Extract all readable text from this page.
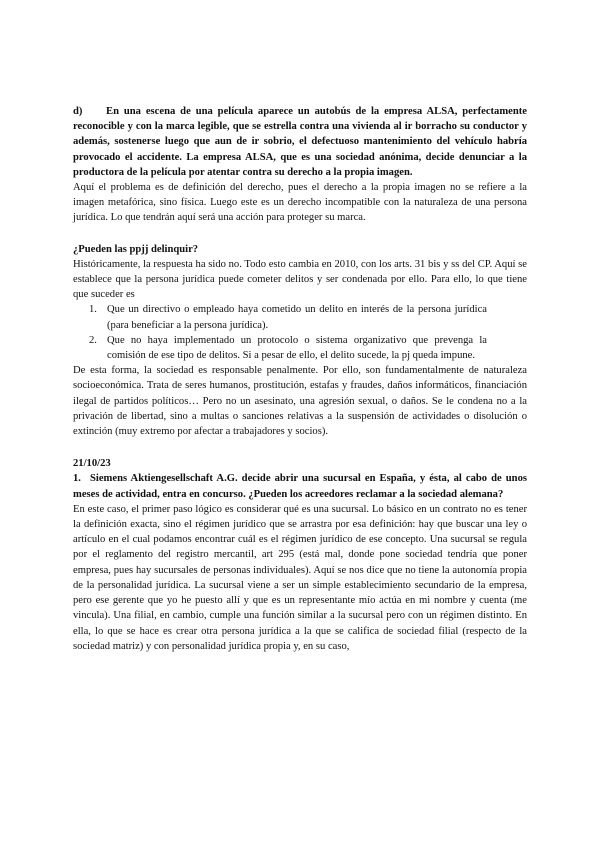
d) En una escena de una película aparece un autobús de la empresa ALSA, perfectamente reconocible y con la marca legible, que se estrella contra una vivienda al ir borracho su conductor y además, sostenerse luego que aun de ir sobrio, el defectuoso mantenimiento del vehículo habría provocado el accidente. La empresa ALSA, que es una sociedad anónima, decide denunciar a la productora de la película por atentar contra su derecho a la propia imagen.

Aquí el problema es de definición del derecho, pues el derecho a la propia imagen no se refiere a la imagen metafórica, sino física. Luego este es un derecho incompatible con la naturaleza de una persona jurídica. Lo que tendrán aquí será una acción para proteger su marca.

¿Pueden las ppjj delinquir?

Históricamente, la respuesta ha sido no. Todo esto cambia en 2010, con los arts. 31 bis y ss del CP. Aquí se establece que la persona jurídica puede cometer delitos y ser condenada por ello. Para ello, lo que tiene que suceder es

1. Que un directivo o empleado haya cometido un delito en interés de la persona jurídica (para beneficiar a la persona jurídica).
2. Que no haya implementado un protocolo o sistema organizativo que prevenga la comisión de ese tipo de delitos. Si a pesar de ello, el delito sucede, la pj queda impune.

De esta forma, la sociedad es responsable penalmente. Por ello, son fundamentalmente de naturaleza socioeconómica. Trata de seres humanos, prostitución, estafas y fraudes, daños informáticos, financiación ilegal de partidos políticos… Pero no un asesinato, una agresión sexual, o daños. Se le condena no a la privación de libertad, sino a multas o sanciones relativas a la suspensión de actividades o disolución o extinción (muy extremo por afectar a trabajadores y socios).

21/10/23

1. Siemens Aktiengesellschaft A.G. decide abrir una sucursal en España, y ésta, al cabo de unos meses de actividad, entra en concurso. ¿Pueden los acreedores reclamar a la sociedad alemana?

En este caso, el primer paso lógico es considerar qué es una sucursal. Lo básico en un contrato no es tener la definición exacta, sino el régimen jurídico que se arrastra por esa definición: hay que buscar una ley o artículo en el cual podamos encontrar cuál es el régimen jurídico de ese concepto. Una sucursal se regula por el reglamento del registro mercantil, art 295 (está mal, donde pone sociedad tendría que poner empresa, pues hay sucursales de personas individuales). Aquí se nos dice que no tiene la autonomía propia de la personalidad jurídica. La sucursal viene a ser un simple establecimiento secundario de la empresa, pero ese gerente que yo he puesto allí y que es un representante mío actúa en mi nombre y cuenta (me vincula). Una filial, en cambio, cumple una función similar a la sucursal pero con un régimen distinto. En ella, lo que se hace es crear otra persona jurídica a la que se califica de sociedad filial (respecto de la sociedad matriz) y con personalidad jurídica propia y, en su caso,
